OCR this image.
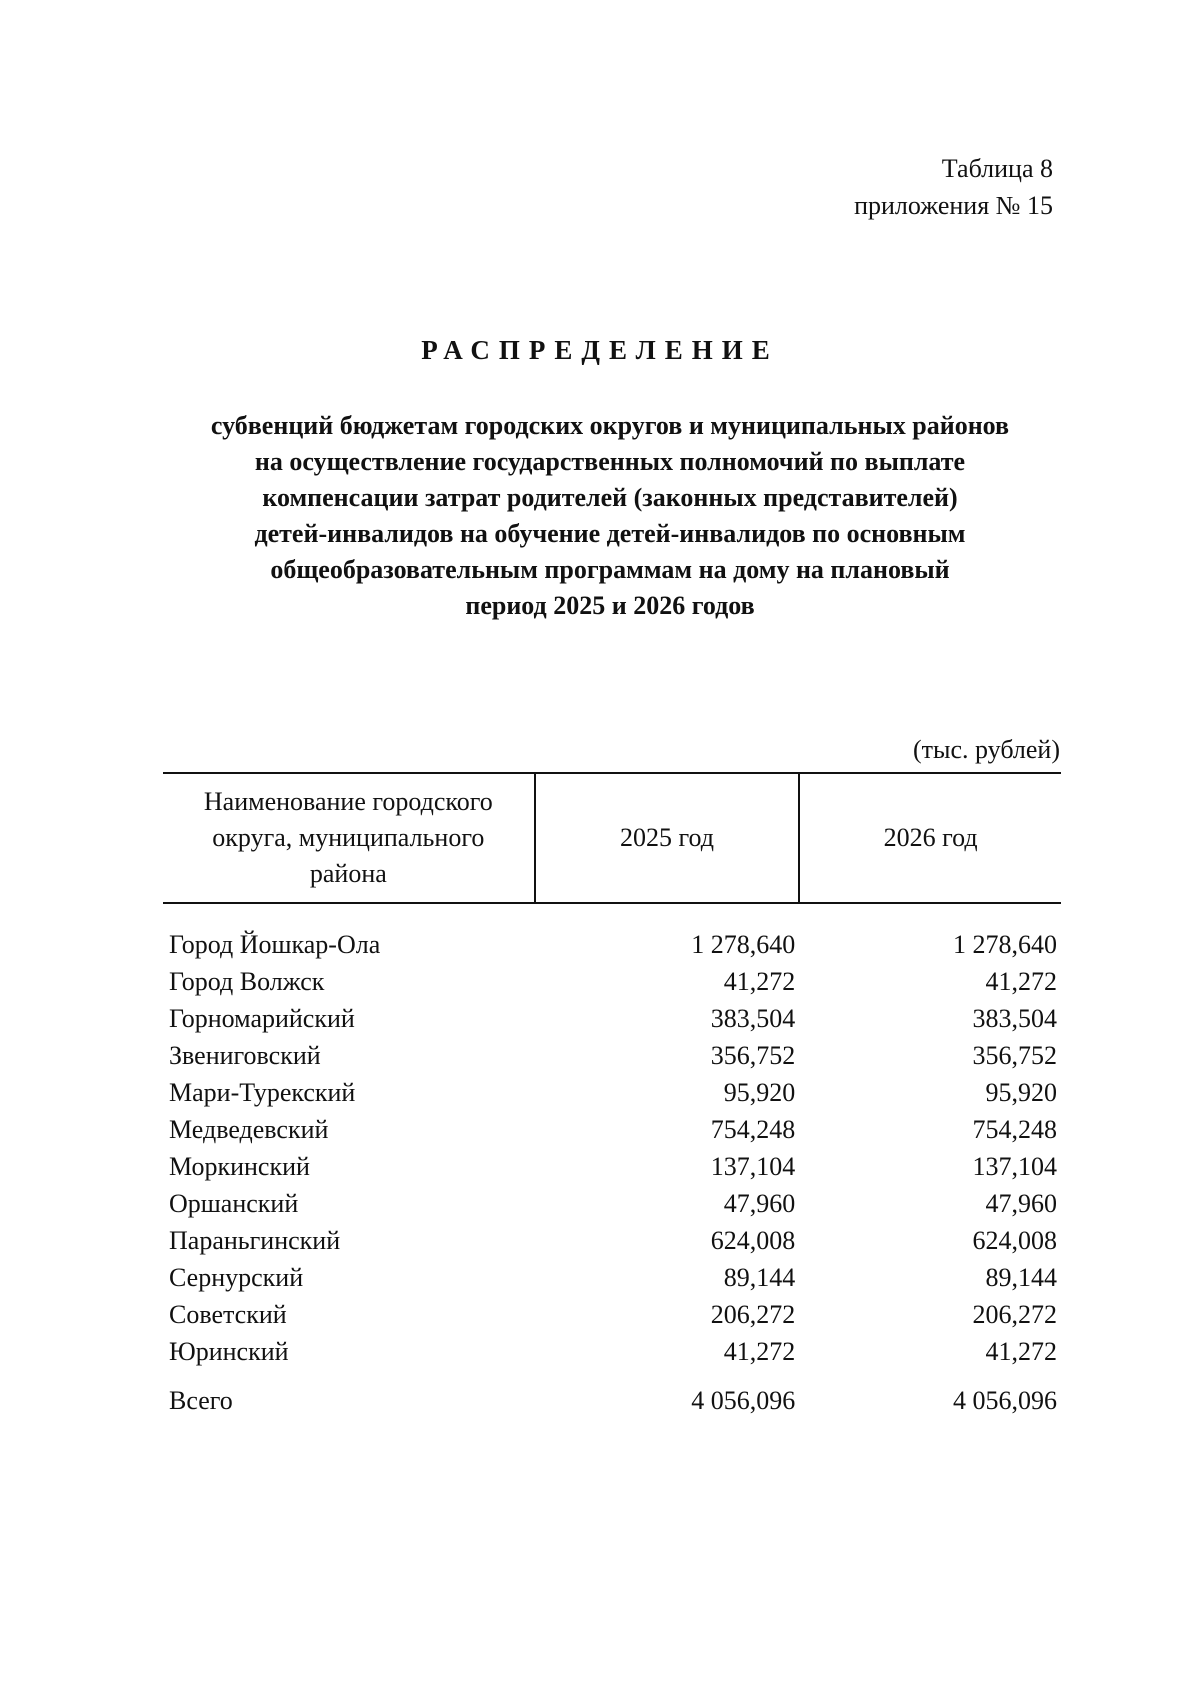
Таблица 8
приложения № 15
РАСПРЕДЕЛЕНИЕ
субвенций бюджетам городских округов и муниципальных районов
на осуществление государственных полномочий по выплате
компенсации затрат родителей (законных представителей)
детей-инвалидов на обучение детей-инвалидов по основным
общеобразовательным программам на дому на плановый
период 2025 и 2026 годов
(тыс. рублей)
Наименование городского
округа, муниципального
района	2025 год	2026 год
Город Йошкар-Ола	1 278,640	1 278,640
Город Волжск	41,272	41,272
Горномарийский	383,504	383,504
Звениговский	356,752	356,752
Мари-Турекский	95,920	95,920
Медведевский	754,248	754,248
Моркинский	137,104	137,104
Оршанский	47,960	47,960
Параньгинский	624,008	624,008
Сернурский	89,144	89,144
Советский	206,272	206,272
Юринский	41,272	41,272
Всего	4 056,096	4 056,096
